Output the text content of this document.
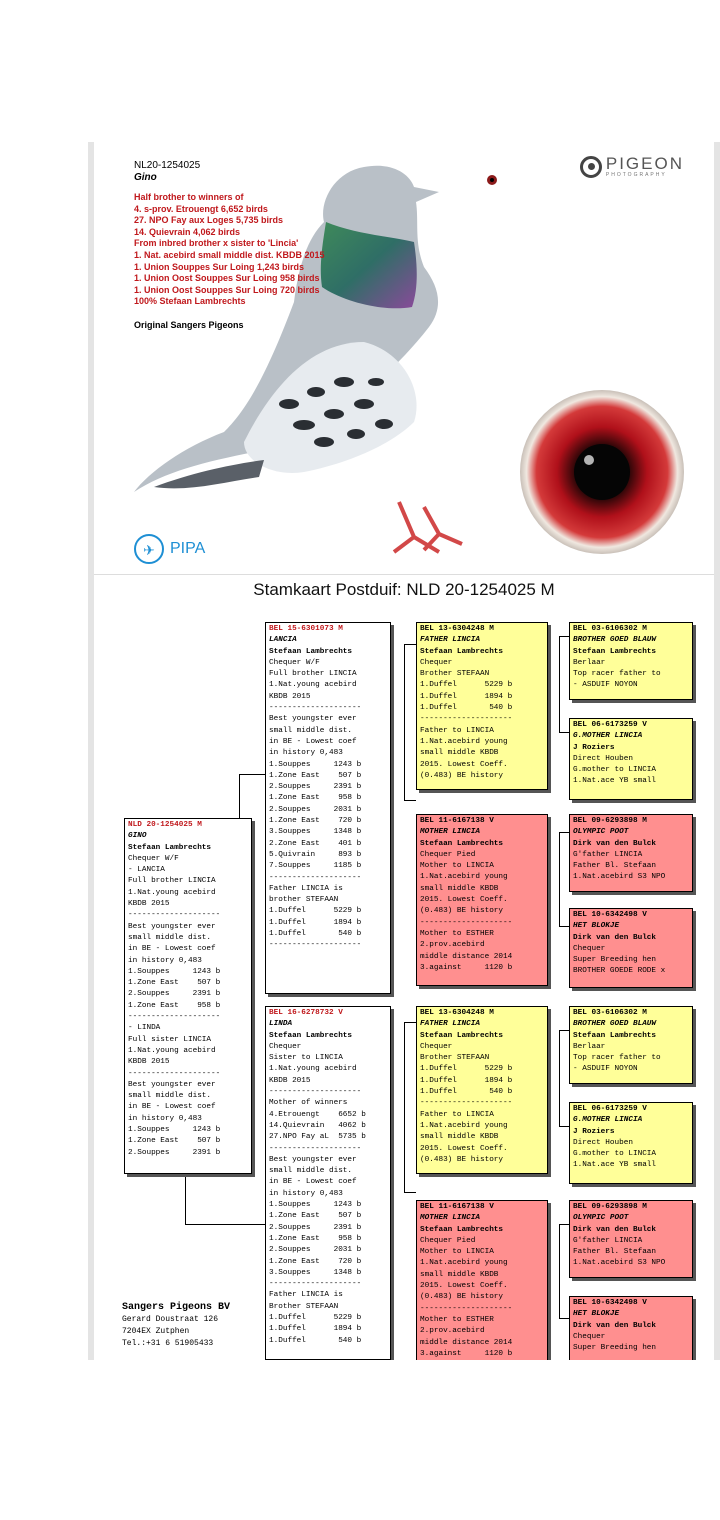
NL20-1254025
Gino
Half brother to winners of
4. s-prov. Etrouengt 6,652 birds
27. NPO Fay aux Loges 5,735 birds
14. Quievrain 4,062 birds
From inbred brother x sister to 'Lincia'
1. Nat. acebird small middle dist. KBDB 2015
1. Union Souppes Sur Loing 1,243 birds
1. Union Oost Souppes Sur Loing 958 birds
1. Union Oost Souppes Sur Loing 720 birds
100% Stefaan Lambrechts
Original Sangers Pigeons
PIGEON
PHOTOGRAPHY
✈ PIPA
Stamkaart Postduif: NLD 20-1254025 M
NLD 20-1254025 M
GINO
Stefaan Lambrechts
Chequer W/F
- LANCIA
Full brother LINCIA
1.Nat.young acebird
KBDB 2015
--------------------
Best youngster ever
small middle dist.
in BE - Lowest coef
in history 0,483
1.Souppes     1243 b
1.Zone East    507 b
2.Souppes     2391 b
1.Zone East    958 b
--------------------
- LINDA
Full sister LINCIA
1.Nat.young acebird
KBDB 2015
--------------------
Best youngster ever
small middle dist.
in BE - Lowest coef
in history 0,483
1.Souppes     1243 b
1.Zone East    507 b
2.Souppes     2391 b
BEL 15-6301073 M
LANCIA
Stefaan Lambrechts
Chequer W/F
Full brother LINCIA
1.Nat.young acebird
KBDB 2015
--------------------
Best youngster ever
small middle dist.
in BE - Lowest coef
in history 0,483
1.Souppes     1243 b
1.Zone East    507 b
2.Souppes     2391 b
1.Zone East    958 b
2.Souppes     2031 b
1.Zone East    720 b
3.Souppes     1348 b
2.Zone East    401 b
5.Quivrain     893 b
7.Souppes     1185 b
--------------------
Father LINCIA is
brother STEFAAN
1.Duffel      5229 b
1.Duffel      1894 b
1.Duffel       540 b
--------------------
BEL 16-6278732 V
LINDA
Stefaan Lambrechts
Chequer
Sister to LINCIA
1.Nat.young acebird
KBDB 2015
--------------------
Mother of winners
4.Etrouengt    6652 b
14.Quievrain   4062 b
27.NPO Fay aL  5735 b
--------------------
Best youngster ever
small middle dist.
in BE - Lowest coef
in history 0,483
1.Souppes     1243 b
1.Zone East    507 b
2.Souppes     2391 b
1.Zone East    958 b
2.Souppes     2031 b
1.Zone East    720 b
3.Souppes     1348 b
--------------------
Father LINCIA is
Brother STEFAAN
1.Duffel      5229 b
1.Duffel      1894 b
1.Duffel       540 b
BEL 13-6304248 M
FATHER LINCIA
Stefaan Lambrechts
Chequer
Brother STEFAAN
1.Duffel      5229 b
1.Duffel      1894 b
1.Duffel       540 b
--------------------
Father to LINCIA
1.Nat.acebird young
small middle KBDB
2015. Lowest Coeff.
(0.483) BE history
BEL 11-6167138 V
MOTHER LINCIA
Stefaan Lambrechts
Chequer Pied
Mother to LINCIA
1.Nat.acebird young
small middle KBDB
2015. Lowest Coeff.
(0.483) BE history
--------------------
Mother to ESTHER
2.prov.acebird
middle distance 2014
3.against     1120 b
BEL 13-6304248 M
FATHER LINCIA
Stefaan Lambrechts
Chequer
Brother STEFAAN
1.Duffel      5229 b
1.Duffel      1894 b
1.Duffel       540 b
--------------------
Father to LINCIA
1.Nat.acebird young
small middle KBDB
2015. Lowest Coeff.
(0.483) BE history
BEL 11-6167138 V
MOTHER LINCIA
Stefaan Lambrechts
Chequer Pied
Mother to LINCIA
1.Nat.acebird young
small middle KBDB
2015. Lowest Coeff.
(0.483) BE history
--------------------
Mother to ESTHER
2.prov.acebird
middle distance 2014
3.against     1120 b
BEL 03-6106302 M
BROTHER GOED BLAUW
Stefaan Lambrechts
Berlaar
Top racer father to
- ASDUIF NOYON
BEL 06-6173259 V
G.MOTHER LINCIA
J Roziers
Direct Houben
G.mother to LINCIA
1.Nat.ace YB small
BEL 09-6293898 M
OLYMPIC POOT
Dirk van den Bulck
G'father LINCIA
Father Bl. Stefaan
1.Nat.acebird S3 NPO
BEL 10-6342498 V
HET BLOKJE
Dirk van den Bulck
Chequer
Super Breeding hen
BROTHER GOEDE RODE x
BEL 03-6106302 M
BROTHER GOED BLAUW
Stefaan Lambrechts
Berlaar
Top racer father to
- ASDUIF NOYON
BEL 06-6173259 V
G.MOTHER LINCIA
J Roziers
Direct Houben
G.mother to LINCIA
1.Nat.ace YB small
BEL 09-6293898 M
OLYMPIC POOT
Dirk van den Bulck
G'father LINCIA
Father Bl. Stefaan
1.Nat.acebird S3 NPO
BEL 10-6342498 V
HET BLOKJE
Dirk van den Bulck
Chequer
Super Breeding hen
Sangers Pigeons BV
Gerard Doustraat 126
7204EX Zutphen
Tel.:+31 6 51905433
